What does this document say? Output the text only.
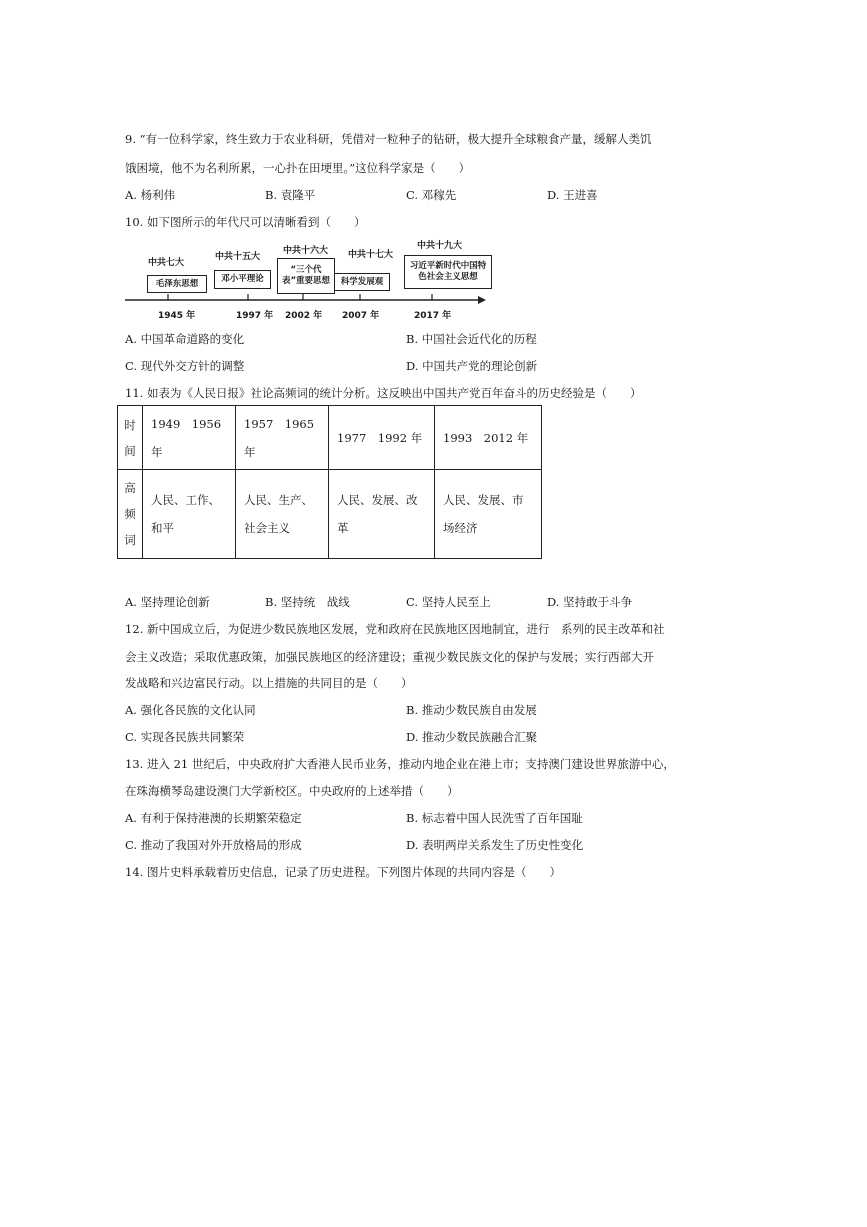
9. “有一位科学家，终生致力于农业科研，凭借对一粒种子的钻研，极大提升全球粮食产量，缓解人类饥
饿困境，他不为名利所累，一心扑在田埂里。”这位科学家是（　　）
A. 杨利伟	B. 袁隆平	C. 邓稼先	D. 王进喜
10. 如下图所示的年代尺可以清晰看到（　　）
中共七大
毛泽东思想
1945 年
中共十五大
邓小平理论
1997 年
中共十六大
“三个代表”重要思想
2002 年
中共十七大
科学发展观
2007 年
中共十九大
习近平新时代中国特色社会主义思想
2017 年
A. 中国革命道路的变化	B. 中国社会近代化的历程
C. 现代外交方针的调整	D. 中国共产党的理论创新
11. 如表为《人民日报》社论高频词的统计分析。这反映出中国共产党百年奋斗的历史经验是（　　）
时间	1949　1956 年	1957　1965 年	1977　1992 年	1993　2012 年

高频词	人民、工作、和平	人民、生产、社会主义	人民、发展、改革	人民、发展、市场经济
A. 坚持理论创新	B. 坚持统　战线	C. 坚持人民至上	D. 坚持敢于斗争
12. 新中国成立后，为促进少数民族地区发展，党和政府在民族地区因地制宜，进行　系列的民主改革和社
会主义改造；采取优惠政策，加强民族地区的经济建设；重视少数民族文化的保护与发展；实行西部大开
发战略和兴边富民行动。以上措施的共同目的是（　　）
A. 强化各民族的文化认同	B. 推动少数民族自由发展
C. 实现各民族共同繁荣	D. 推动少数民族融合汇聚
13. 进入 21 世纪后，中央政府扩大香港人民币业务，推动内地企业在港上市；支持澳门建设世界旅游中心，
在珠海横琴岛建设澳门大学新校区。中央政府的上述举措（　　）
A. 有利于保持港澳的长期繁荣稳定	B. 标志着中国人民洗雪了百年国耻
C. 推动了我国对外开放格局的形成	D. 表明两岸关系发生了历史性变化
14. 图片史料承载着历史信息，记录了历史进程。下列图片体现的共同内容是（　　）
